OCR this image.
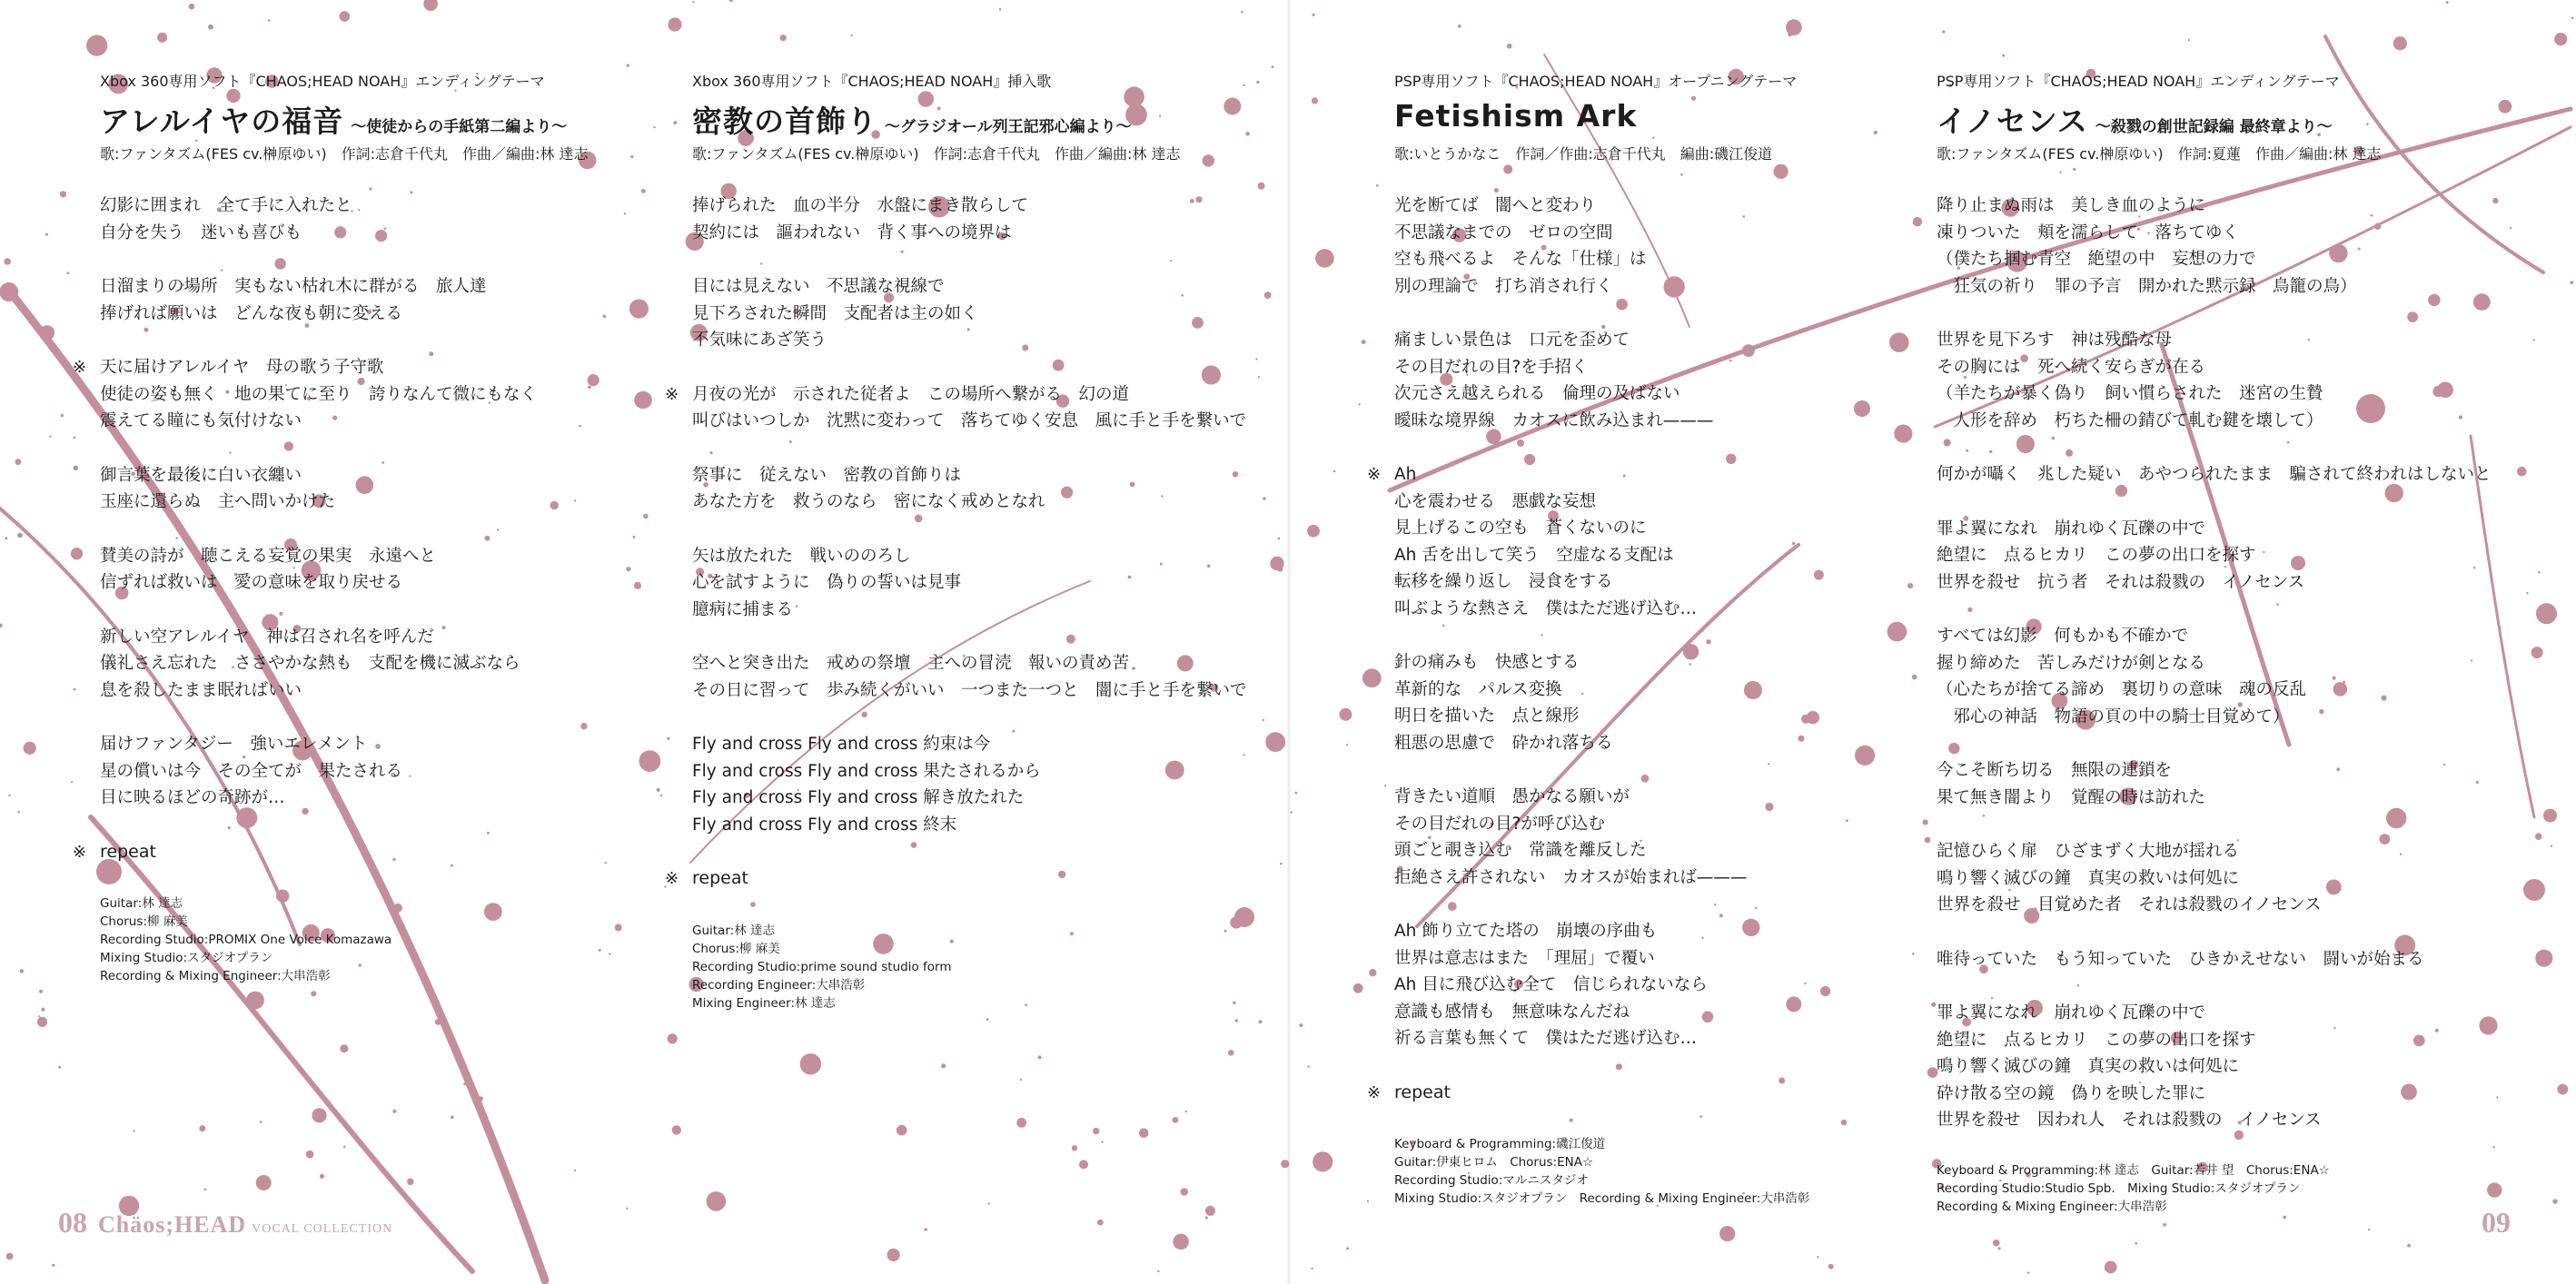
Xbox 360専用ソフト『CHAOS;HEAD NOAH』エンディングテーマ
アレルイヤの福音 〜使徒からの手紙第二編より〜
歌:ファンタズム(FES cv.榊原ゆい)　作詞:志倉千代丸　作曲／編曲:林 達志
幻影に囲まれ　全て手に入れたと
自分を失う　迷いも喜びも
日溜まりの場所　実もない枯れ木に群がる　旅人達
捧げれば願いは　どんな夜も朝に変える
※ 天に届けアレルイヤ　母の歌う子守歌
使徒の姿も無く　地の果てに至り　誇りなんて微にもなく
震えてる瞳にも気付けない
御言葉を最後に白い衣纏い
玉座に還らぬ　主へ問いかけた
賛美の詩が　聴こえる妄覚の果実　永遠へと
信ずれば救いは　愛の意味を取り戻せる
新しい空アレルイヤ　神は召され名を呼んだ
儀礼さえ忘れた　ささやかな熱も　支配を機に滅ぶなら
息を殺したまま眠ればいい
届けファンタジー　強いエレメント
星の償いは今　その全てが　果たされる
目に映るほどの奇跡が…
※ repeat
Guitar:林 達志
Chorus:柳 麻美
Recording Studio:PROMIX One Voice Komazawa
Mixing Studio:スタジオプラン
Recording & Mixing Engineer:大串浩彰
Xbox 360専用ソフト『CHAOS;HEAD NOAH』挿入歌
密教の首飾り 〜グラジオール列王記邪心編より〜
歌:ファンタズム(FES cv.榊原ゆい)　作詞:志倉千代丸　作曲／編曲:林 達志
捧げられた　血の半分　水盤にまき散らして
契約には　謳われない　背く事への境界は
目には見えない　不思議な視線で
見下ろされた瞬間　支配者は主の如く
不気味にあざ笑う
※ 月夜の光が　示された従者よ　この場所へ繋がる　幻の道
叫びはいつしか　沈黙に変わって　落ちてゆく安息　風に手と手を繋いで
祭事に　従えない　密教の首飾りは
あなた方を　救うのなら　密になく戒めとなれ
矢は放たれた　戦いののろし
心を試すように　偽りの誓いは見事
臆病に捕まる
空へと突き出た　戒めの祭壇　主への冒涜　報いの責め苦
その日に習って　歩み続くがいい　一つまた一つと　闇に手と手を繋いで
Fly and cross Fly and cross 約束は今
Fly and cross Fly and cross 果たされるから
Fly and cross Fly and cross 解き放たれた
Fly and cross Fly and cross 終末
※ repeat
Guitar:林 達志
Chorus:柳 麻美
Recording Studio:prime sound studio form
Recording Engineer:大串浩彰
Mixing Engineer:林 達志
PSP専用ソフト『CHAOS;HEAD NOAH』オープニングテーマ
Fetishism Ark
歌:いとうかなこ　作詞／作曲:志倉千代丸　編曲:磯江俊道
光を断てば　闇へと変わり
不思議なまでの　ゼロの空間
空も飛べるよ　そんな「仕様」は
別の理論で　打ち消され行く
痛ましい景色は　口元を歪めて
その目だれの目?を手招く
次元さえ越えられる　倫理の及ばない
曖昧な境界線　カオスに飲み込まれ———
※ Ah
心を震わせる　悪戯な妄想
見上げるこの空も　蒼くないのに
Ah 舌を出して笑う　空虚なる支配は
転移を繰り返し　浸食をする
叫ぶような熱さえ　僕はただ逃げ込む…
針の痛みも　快感とする
革新的な　パルス変換
明日を描いた　点と線形
粗悪の思慮で　砕かれ落ちる
背きたい道順　愚かなる願いが
その目だれの目?が呼び込む
頭ごと覗き込む　常識を離反した
拒絶さえ許されない　カオスが始まれば———
Ah 飾り立てた塔の　崩壊の序曲も
世界は意志はまた　「理屈」で覆い
Ah 目に飛び込む全て　信じられないなら
意識も感情も　無意味なんだね
祈る言葉も無くて　僕はただ逃げ込む…
※ repeat
Keyboard & Programming:磯江俊道
Guitar:伊東ヒロム　Chorus:ENA☆
Recording Studio:マルニスタジオ
Mixing Studio:スタジオプラン　Recording & Mixing Engineer:大串浩彰
PSP専用ソフト『CHAOS;HEAD NOAH』エンディングテーマ
イノセンス 〜殺戮の創世記録編 最終章より〜
歌:ファンタズム(FES cv.榊原ゆい)　作詞:夏蓮　作曲／編曲:林 達志
降り止まぬ雨は　美しき血のように
凍りついた　頬を濡らして　落ちてゆく
（僕たち掴む青空　絶望の中　妄想の力で
　狂気の祈り　罪の予言　開かれた黙示録　鳥籠の鳥）
世界を見下ろす　神は残酷な母
その胸には　死へ続く安らぎが在る
（羊たちが暴く偽り　飼い慣らされた　迷宮の生贄
　人形を辞め　朽ちた柵の錆びて軋む鍵を壊して）
何かが囁く　兆した疑い　あやつられたまま　騙されて終われはしないと
罪よ翼になれ　崩れゆく瓦礫の中で
絶望に　点るヒカリ　この夢の出口を探す
世界を殺せ　抗う者　それは殺戮の　イノセンス
すべては幻影　何もかも不確かで
握り締めた　苦しみだけが剣となる
（心たちが捨てる諦め　裏切りの意味　魂の反乱
　邪心の神話　物語の頁の中の騎士目覚めて）
今こそ断ち切る　無限の連鎖を
果て無き闇より　覚醒の時は訪れた
記憶ひらく扉　ひざまずく大地が揺れる
鳴り響く滅びの鐘　真実の救いは何処に
世界を殺せ　目覚めた者　それは殺戮のイノセンス
唯待っていた　もう知っていた　ひきかえせない　闘いが始まる
罪よ翼になれ　崩れゆく瓦礫の中で
絶望に　点るヒカリ　この夢の出口を探す
鳴り響く滅びの鐘　真実の救いは何処に
砕け散る空の鏡　偽りを映した罪に
世界を殺せ　因われ人　それは殺戮の　イノセンス
Keyboard & Programming:林 達志　Guitar:若井 望　Chorus:ENA☆
Recording Studio:Studio Spb.　Mixing Studio:スタジオプラン
Recording & Mixing Engineer:大串浩彰
08 Chäos;HEAD VOCAL COLLECTION	09
